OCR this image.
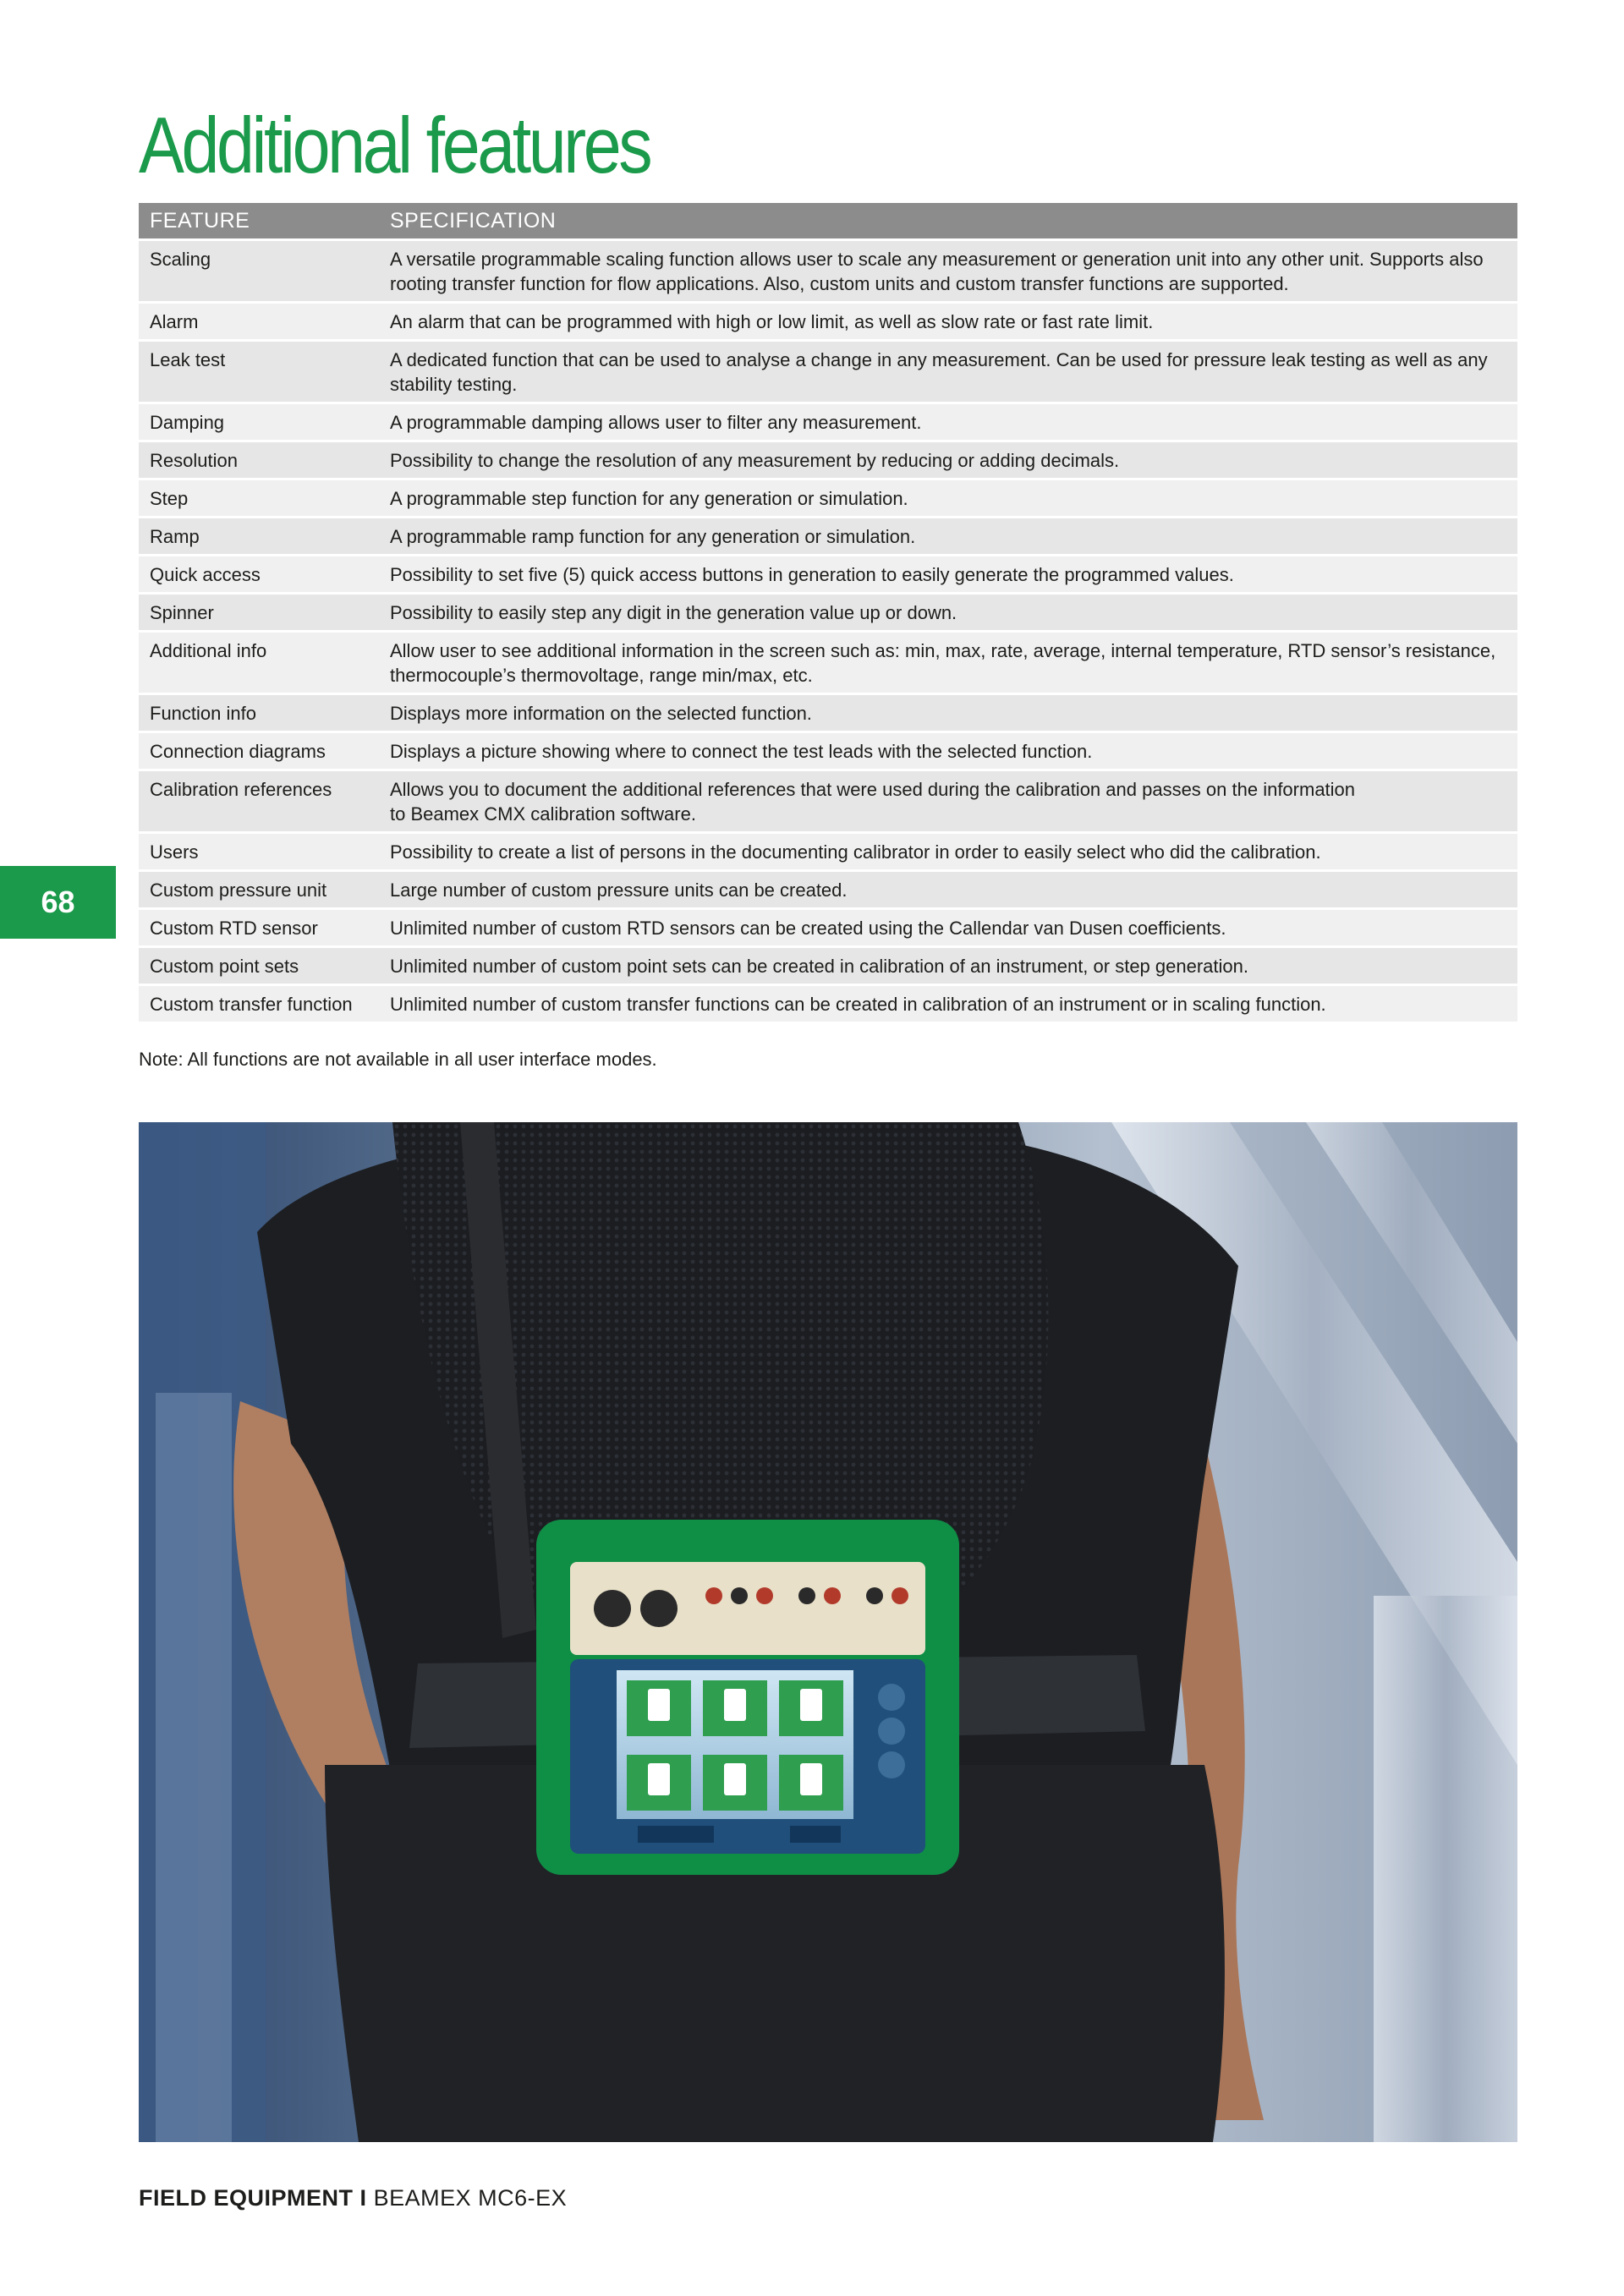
Additional features
FEATURE	SPECIFICATION
Scaling	A versatile programmable scaling function allows user to scale any measurement or generation unit into any other unit. Supports also rooting transfer function for flow applications. Also, custom units and custom transfer functions are supported.
Alarm	An alarm that can be programmed with high or low limit, as well as slow rate or fast rate limit.
Leak test	A dedicated function that can be used to analyse a change in any measurement. Can be used for pressure leak testing as well as any stability testing.
Damping	A programmable damping allows user to filter any measurement.
Resolution	Possibility to change the resolution of any measurement by reducing or adding decimals.
Step	A programmable step function for any generation or simulation.
Ramp	A programmable ramp function for any generation or simulation.
Quick access	Possibility to set five (5) quick access buttons in generation to easily generate the programmed values.
Spinner	Possibility to easily step any digit in the generation value up or down.
Additional info	Allow user to see additional information in the screen such as: min, max, rate, average, internal temperature, RTD sensor’s resistance, thermocouple’s thermovoltage, range min/max, etc.
Function info	Displays more information on the selected function.
Connection diagrams	Displays a picture showing where to connect the test leads with the selected function.
Calibration references	Allows you to document the additional references that were used during the calibration and passes on the information
to Beamex CMX calibration software.
Users	Possibility to create a list of persons in the documenting calibrator in order to easily select who did the calibration.
Custom pressure unit	Large number of custom pressure units can be created.
Custom RTD sensor	Unlimited number of custom RTD sensors can be created using the Callendar van Dusen coefficients.
Custom point sets	Unlimited number of custom point sets can be created in calibration of an instrument, or step generation.
Custom transfer function	Unlimited number of custom transfer functions can be created in calibration of an instrument or in scaling function.

Note: All functions are not available in all user interface modes.

68

FIELD EQUIPMENT I BEAMEX MC6-EX
